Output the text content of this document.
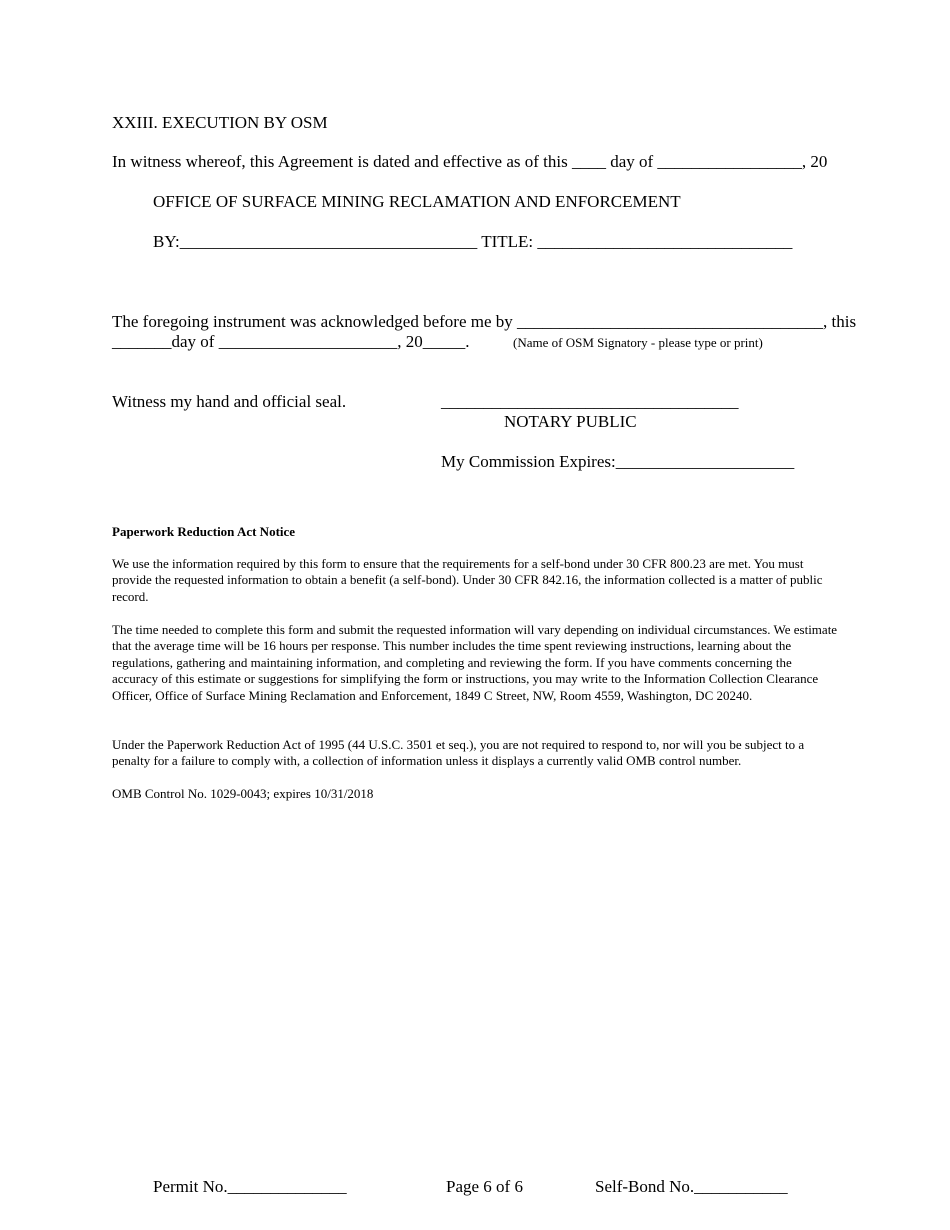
XXIII. EXECUTION BY OSM
In witness whereof, this Agreement is dated and effective as of this ____ day of _________________, 20
OFFICE OF SURFACE MINING RECLAMATION AND ENFORCEMENT
BY:___________________________________ TITLE: ______________________________
The foregoing instrument was acknowledged before me by ____________________________________, this
_______day of _____________________, 20_____.	(Name of OSM Signatory - please type or print)
Witness my hand and official seal.	___________________________________
NOTARY PUBLIC
My Commission Expires:_____________________
Paperwork Reduction Act Notice
We use the information required by this form to ensure that the requirements for a self-bond under 30 CFR 800.23 are met. You must provide the requested information to obtain a benefit (a self-bond). Under 30 CFR 842.16, the information collected is a matter of public record.
The time needed to complete this form and submit the requested information will vary depending on individual circumstances. We estimate that the average time will be 16 hours per response. This number includes the time spent reviewing instructions, learning about the regulations, gathering and maintaining information, and completing and reviewing the form. If you have comments concerning the accuracy of this estimate or suggestions for simplifying the form or instructions, you may write to the Information Collection Clearance Officer, Office of Surface Mining Reclamation and Enforcement, 1849 C Street, NW, Room 4559, Washington, DC 20240.
Under the Paperwork Reduction Act of 1995 (44 U.S.C. 3501 et seq.), you are not required to respond to, nor will you be subject to a penalty for a failure to comply with, a collection of information unless it displays a currently valid OMB control number.
OMB Control No. 1029-0043; expires 10/31/2018
Permit No.______________	Page 6 of 6	Self-Bond No.___________
